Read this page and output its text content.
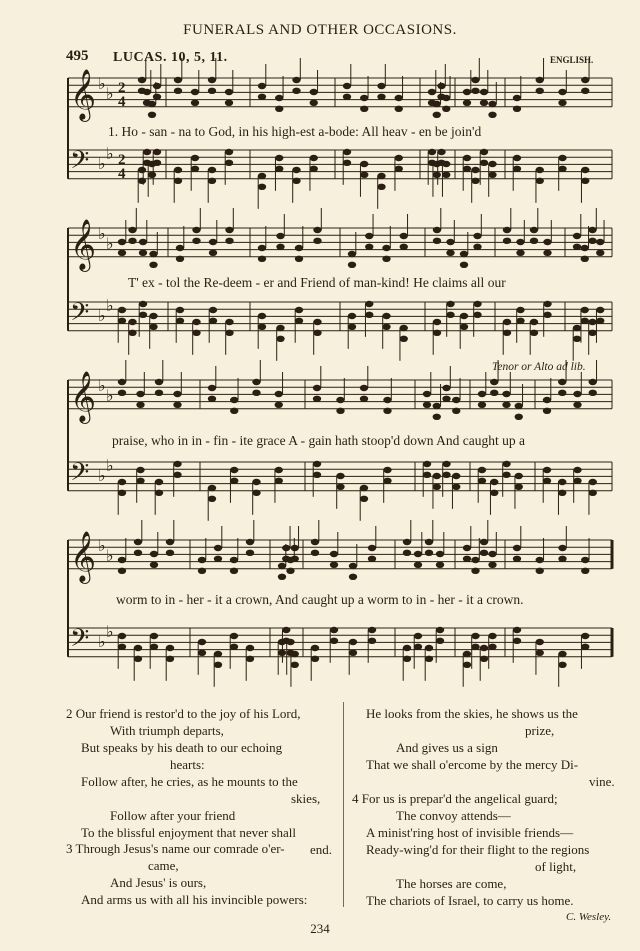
FUNERALS AND OTHER OCCASIONS.
495 LUCAS. 10, 5, 11.	ENGLISH.
𝄞 ♭
♭ 2
4
𝄢 ♭
♭ 2
4
𝄞 ♭
♭
𝄢 ♭
♭
𝄞 ♭
♭
𝄢 ♭
♭
𝄞 ♭
♭
𝄢 ♭
♭
1. Ho - san - na to God, in his high-est a-bode: All heav - en be join'd
T' ex - tol the Re-deem - er and Friend of man-kind! He claims all our
Tenor or Alto ad lib.
praise, who in in - fin - ite grace A - gain hath stoop'd down And caught up a
worm to in - her - it a crown, And caught up a worm to in - her - it a crown.
2 Our friend is restor'd to the joy of his Lord,
With triumph departs,
But speaks by his death to our echoing
hearts:
Follow after, he cries, as he mounts to the
skies,
Follow after your friend
To the blissful enjoyment that never shall
end.
3 Through Jesus's name our comrade o'er-
came,
And Jesus' is ours,
And arms us with all his invincible powers:
He looks from the skies, he shows us the
prize,
And gives us a sign
That we shall o'ercome by the mercy Di-
vine.
4 For us is prepar'd the angelical guard;
The convoy attends—
A minist'ring host of invisible friends—
Ready-wing'd for their flight to the regions
of light,
The horses are come,
The chariots of Israel, to carry us home.
C. Wesley.
234
